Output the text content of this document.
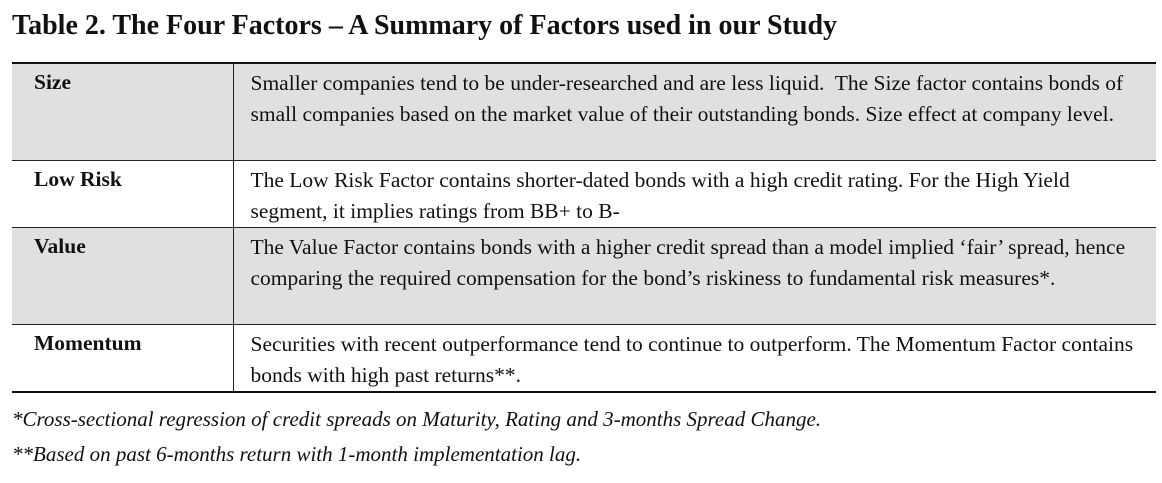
Table 2. The Four Factors – A Summary of Factors used in our Study
Size	Smaller companies tend to be under-researched and are less liquid.  The Size factor contains bonds of small companies based on the market value of their outstanding bonds. Size effect at company level.
Low Risk	The Low Risk Factor contains shorter-dated bonds with a high credit rating. For the High Yield segment, it implies ratings from BB+ to B-
Value	The Value Factor contains bonds with a higher credit spread than a model implied ‘fair’ spread, hence comparing the required compensation for the bond’s riskiness to fundamental risk measures*.
Momentum	Securities with recent outperformance tend to continue to outperform. The Momentum Factor contains bonds with high past returns**.
*Cross-sectional regression of credit spreads on Maturity, Rating and 3-months Spread Change.
**Based on past 6-months return with 1-month implementation lag.
